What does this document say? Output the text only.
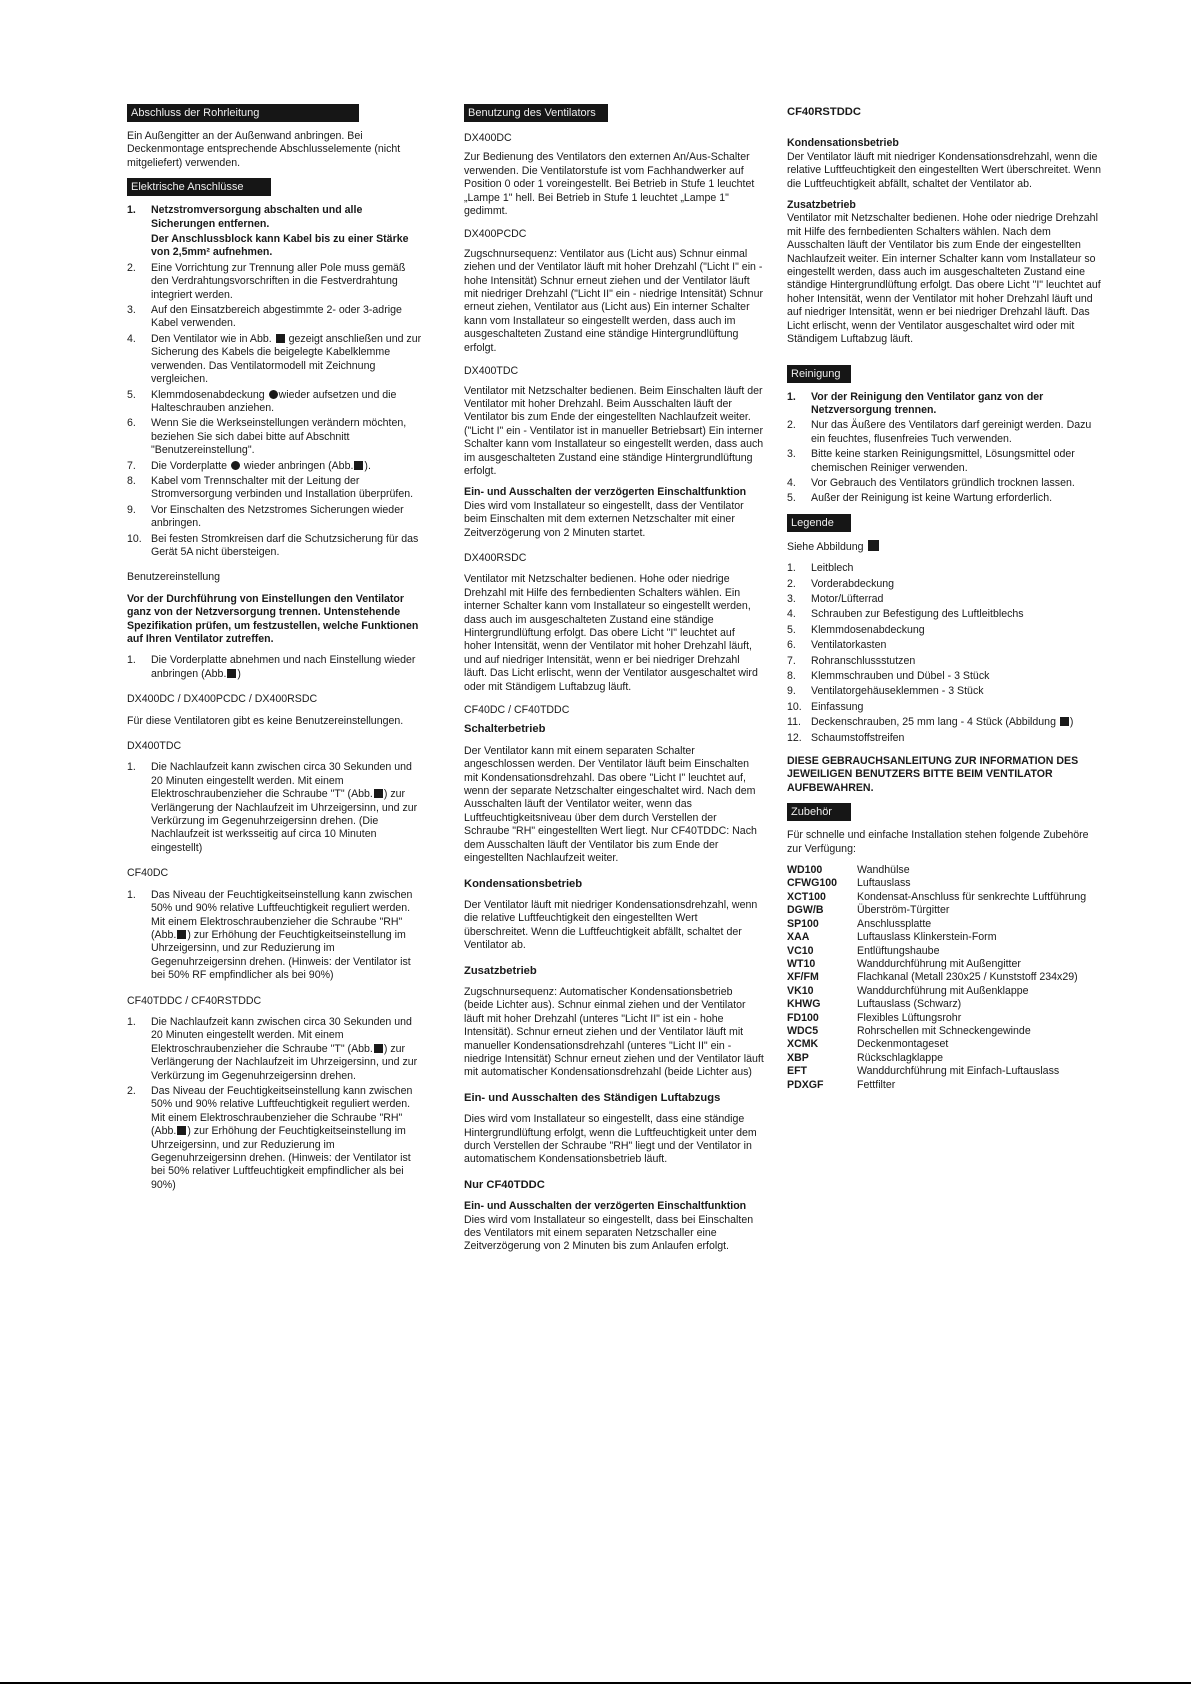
Abschluss der Rohrleitung
Ein Außengitter an der Außenwand anbringen. Bei Deckenmontage entsprechende Abschlusselemente (nicht mitgeliefert) verwenden.
Elektrische Anschlüsse
1. Netzstromversorgung abschalten und alle Sicherungen entfernen.
Der Anschlussblock kann Kabel bis zu einer Stärke von 2,5mm² aufnehmen.
2. Eine Vorrichtung zur Trennung aller Pole muss gemäß den Verdrahtungsvorschriften in die Festverdrahtung integriert werden.
3. Auf den Einsatzbereich abgestimmte 2- oder 3-adrige Kabel verwenden.
4. Den Ventilator wie in Abb. gezeigt anschließen und zur Sicherung des Kabels die beigelegte Kabelklemme verwenden. Das Ventilatormodell mit Zeichnung vergleichen.
5. Klemmdosenabdeckung wieder aufsetzen und die Halteschrauben anziehen.
6. Wenn Sie die Werkseinstellungen verändern möchten, beziehen Sie sich dabei bitte auf Abschnitt "Benutzereinstellung".
7. Die Vorderplatte wieder anbringen (Abb. ).
8. Kabel vom Trennschalter mit der Leitung der Stromversorgung verbinden und Installation überprüfen.
9. Vor Einschalten des Netzstromes Sicherungen wieder anbringen.
10. Bei festen Stromkreisen darf die Schutzsicherung für das Gerät 5A nicht übersteigen.
Benutzereinstellung
Vor der Durchführung von Einstellungen den Ventilator ganz von der Netzversorgung trennen. Untenstehende Spezifikation prüfen, um festzustellen, welche Funktionen auf Ihren Ventilator zutreffen.
1. Die Vorderplatte abnehmen und nach Einstellung wieder anbringen (Abb. )
DX400DC / DX400PCDC / DX400RSDC
Für diese Ventilatoren gibt es keine Benutzereinstellungen.
DX400TDC
1. Die Nachlaufzeit kann zwischen circa 30 Sekunden und 20 Minuten eingestellt werden. Mit einem Elektroschraubenzieher die Schraube "T" (Abb. ) zur Verlängerung der Nachlaufzeit im Uhrzeigersinn, und zur Verkürzung im Gegenuhrzeigersinn drehen. (Die Nachlaufzeit ist werksseitig auf circa 10 Minuten eingestellt)
CF40DC
1. Das Niveau der Feuchtigkeitseinstellung kann zwischen 50% und 90% relative Luftfeuchtigkeit reguliert werden. Mit einem Elektroschraubenzieher die Schraube "RH" (Abb. ) zur Erhöhung der Feuchtigkeitseinstellung im Uhrzeigersinn, und zur Reduzierung im Gegenuhrzeigersinn drehen. (Hinweis: der Ventilator ist bei 50% RF empfindlicher als bei 90%)
CF40TDDC / CF40RSTDDC
1. Die Nachlaufzeit kann zwischen circa 30 Sekunden und 20 Minuten eingestellt werden. Mit einem Elektroschraubenzieher die Schraube "T" (Abb. ) zur Verlängerung der Nachlaufzeit im Uhrzeigersinn, und zur Verkürzung im Gegenuhrzeigersinn drehen.
2. Das Niveau der Feuchtigkeitseinstellung kann zwischen 50% und 90% relative Luftfeuchtigkeit reguliert werden. Mit einem Elektroschraubenzieher die Schraube "RH" (Abb. ) zur Erhöhung der Feuchtigkeitseinstellung im Uhrzeigersinn, und zur Reduzierung im Gegenuhrzeigersinn drehen. (Hinweis: der Ventilator ist bei 50% relativer Luftfeuchtigkeit empfindlicher als bei 90%)
Benutzung des Ventilators
DX400DC
Zur Bedienung des Ventilators den externen An/Aus-Schalter verwenden. Die Ventilatorstufe ist vom Fachhandwerker auf Position 0 oder 1 voreingestellt. Bei Betrieb in Stufe 1 leuchtet „Lampe 1" hell. Bei Betrieb in Stufe 1 leuchtet „Lampe 1" gedimmt.
DX400PCDC
Zugschnursequenz: Ventilator aus (Licht aus) Schnur einmal ziehen und der Ventilator läuft mit hoher Drehzahl ("Licht I" ein - hohe Intensität) Schnur erneut ziehen und der Ventilator läuft mit niedriger Drehzahl ("Licht II" ein - niedrige Intensität) Schnur erneut ziehen, Ventilator aus (Licht aus) Ein interner Schalter kann vom Installateur so eingestellt werden, dass auch im ausgeschalteten Zustand eine ständige Hintergrundlüftung erfolgt.
DX400TDC
Ventilator mit Netzschalter bedienen. Beim Einschalten läuft der Ventilator mit hoher Drehzahl. Beim Ausschalten läuft der Ventilator bis zum Ende der eingestellten Nachlaufzeit weiter. ("Licht I" ein - Ventilator ist in manueller Betriebsart) Ein interner Schalter kann vom Installateur so eingestellt werden, dass auch im ausgeschalteten Zustand eine ständige Hintergrundlüftung erfolgt.
Ein- und Ausschalten der verzögerten Einschaltfunktion
Dies wird vom Installateur so eingestellt, dass der Ventilator beim Einschalten mit dem externen Netzschalter mit einer Zeitverzögerung von 2 Minuten startet.
DX400RSDC
Ventilator mit Netzschalter bedienen. Hohe oder niedrige Drehzahl mit Hilfe des fernbedienten Schalters wählen. Ein interner Schalter kann vom Installateur so eingestellt werden, dass auch im ausgeschalteten Zustand eine ständige Hintergrundlüftung erfolgt. Das obere Licht "I" leuchtet auf hoher Intensität, wenn der Ventilator mit hoher Drehzahl läuft, und auf niedriger Intensität, wenn er bei niedriger Drehzahl läuft. Das Licht erlischt, wenn der Ventilator ausgeschaltet wird oder mit Ständigem Luftabzug läuft.
CF40DC / CF40TDDC
Schalterbetrieb
Der Ventilator kann mit einem separaten Schalter angeschlossen werden. Der Ventilator läuft beim Einschalten mit Kondensationsdrehzahl. Das obere "Licht I" leuchtet auf, wenn der separate Netzschalter eingeschaltet wird. Nach dem Ausschalten läuft der Ventilator weiter, wenn das Luftfeuchtigkeitsniveau über dem durch Verstellen der Schraube "RH" eingestellten Wert liegt. Nur CF40TDDC: Nach dem Ausschalten läuft der Ventilator bis zum Ende der eingestellten Nachlaufzeit weiter.
Kondensationsbetrieb
Der Ventilator läuft mit niedriger Kondensationsdrehzahl, wenn die relative Luftfeuchtigkeit den eingestellten Wert überschreitet. Wenn die Luftfeuchtigkeit abfällt, schaltet der Ventilator ab.
Zusatzbetrieb
Zugschnursequenz: Automatischer Kondensationsbetrieb (beide Lichter aus). Schnur einmal ziehen und der Ventilator läuft mit hoher Drehzahl (unteres "Licht II" ist ein - hohe Intensität). Schnur erneut ziehen und der Ventilator läuft mit manueller Kondensationsdrehzahl (unteres "Licht II" ein - niedrige Intensität) Schnur erneut ziehen und der Ventilator läuft mit automatischer Kondensationsdrehzahl (beide Lichter aus)
Ein- und Ausschalten des Ständigen Luftabzugs
Dies wird vom Installateur so eingestellt, dass eine ständige Hintergrundlüftung erfolgt, wenn die Luftfeuchtigkeit unter dem durch Verstellen der Schraube "RH" liegt und der Ventilator in automatischem Kondensationsbetrieb läuft.
Nur CF40TDDC
Ein- und Ausschalten der verzögerten Einschaltfunktion
Dies wird vom Installateur so eingestellt, dass bei Einschalten des Ventilators mit einem separaten Netzschaller eine Zeitverzögerung von 2 Minuten bis zum Anlaufen erfolgt.
CF40RSTDDC
Kondensationsbetrieb
Der Ventilator läuft mit niedriger Kondensationsdrehzahl, wenn die relative Luftfeuchtigkeit den eingestellten Wert überschreitet. Wenn die Luftfeuchtigkeit abfällt, schaltet der Ventilator ab.
Zusatzbetrieb
Ventilator mit Netzschalter bedienen. Hohe oder niedrige Drehzahl mit Hilfe des fernbedienten Schalters wählen. Nach dem Ausschalten läuft der Ventilator bis zum Ende der eingestellten Nachlaufzeit weiter. Ein interner Schalter kann vom Installateur so eingestellt werden, dass auch im ausgeschalteten Zustand eine ständige Hintergrundlüftung erfolgt. Das obere Licht "I" leuchtet auf hoher Intensität, wenn der Ventilator mit hoher Drehzahl läuft und auf niedriger Intensität, wenn er bei niedriger Drehzahl läuft. Das Licht erlischt, wenn der Ventilator ausgeschaltet wird oder mit Ständigem Luftabzug läuft.
Reinigung
1. Vor der Reinigung den Ventilator ganz von der Netzversorgung trennen.
2. Nur das Äußere des Ventilators darf gereinigt werden. Dazu ein feuchtes, flusenfreies Tuch verwenden.
3. Bitte keine starken Reinigungsmittel, Lösungsmittel oder chemischen Reiniger verwenden.
4. Vor Gebrauch des Ventilators gründlich trocknen lassen.
5. Außer der Reinigung ist keine Wartung erforderlich.
Legende
Siehe Abbildung
1. Leitblech
2. Vorderabdeckung
3. Motor/Lüfterrad
4. Schrauben zur Befestigung des Luftleitblechs
5. Klemmdosenabdeckung
6. Ventilatorkasten
7. Rohranschlussstutzen
8. Klemmschrauben und Dübel - 3 Stück
9. Ventilatorgehäuseklemmen - 3 Stück
10. Einfassung
11. Deckenschrauben, 25 mm lang - 4 Stück (Abbildung )
12. Schaumstoffstreifen
DIESE GEBRAUCHSANLEITUNG ZUR INFORMATION DES JEWEILIGEN BENUTZERS BITTE BEIM VENTILATOR AUFBEWAHREN.
Zubehör
Für schnelle und einfache Installation stehen folgende Zubehöre zur Verfügung:
WD100	Wandhülse
CFWG100	Luftauslass
XCT100	Kondensat-Anschluss für senkrechte Luftführung
DGW/B	Überström-Türgitter
SP100	Anschlussplatte
XAA	Luftauslass Klinkerstein-Form
VC10	Entlüftungshaube
WT10	Wanddurchführung mit Außengitter
XF/FM	Flachkanal (Metall 230x25 / Kunststoff 234x29)
VK10	Wanddurchführung mit Außenklappe
KHWG	Luftauslass (Schwarz)
FD100	Flexibles Lüftungsrohr
WDC5	Rohrschellen mit Schneckengewinde
XCMK	Deckenmontageset
XBP	Rückschlagklappe
EFT	Wanddurchführung mit Einfach-Luftauslass
PDXGF	Fettfilter
